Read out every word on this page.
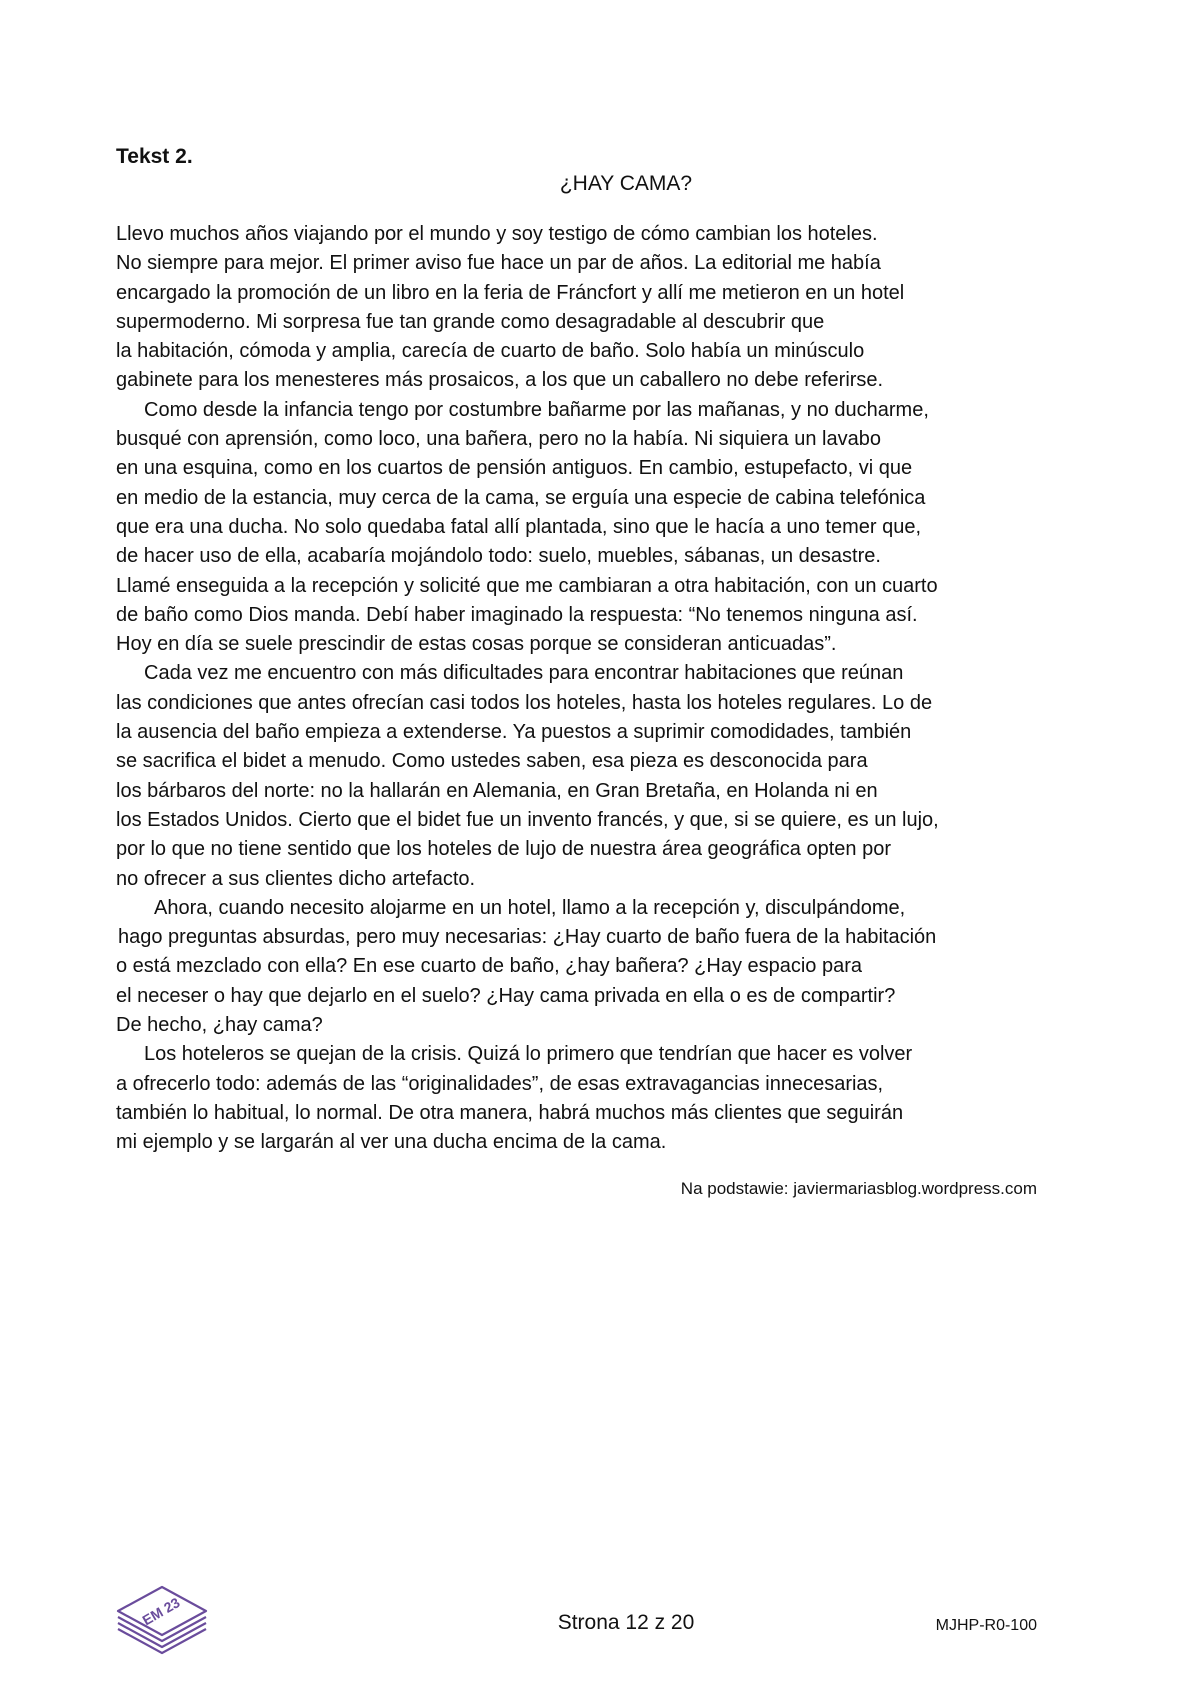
Tekst 2.
¿HAY CAMA?
Llevo muchos años viajando por el mundo y soy testigo de cómo cambian los hoteles.
No siempre para mejor. El primer aviso fue hace un par de años. La editorial me había
encargado la promoción de un libro en la feria de Fráncfort y allí me metieron en un hotel
supermoderno. Mi sorpresa fue tan grande como desagradable al descubrir que
la habitación, cómoda y amplia, carecía de cuarto de baño. Solo había un minúsculo
gabinete para los menesteres más prosaicos, a los que un caballero no debe referirse.
Como desde la infancia tengo por costumbre bañarme por las mañanas, y no ducharme,
busqué con aprensión, como loco, una bañera, pero no la había. Ni siquiera un lavabo
en una esquina, como en los cuartos de pensión antiguos. En cambio, estupefacto, vi que
en medio de la estancia, muy cerca de la cama, se erguía una especie de cabina telefónica
que era una ducha. No solo quedaba fatal allí plantada, sino que le hacía a uno temer que,
de hacer uso de ella, acabaría mojándolo todo: suelo, muebles, sábanas, un desastre.
Llamé enseguida a la recepción y solicité que me cambiaran a otra habitación, con un cuarto
de baño como Dios manda. Debí haber imaginado la respuesta: “No tenemos ninguna así.
Hoy en día se suele prescindir de estas cosas porque se consideran anticuadas”.
Cada vez me encuentro con más dificultades para encontrar habitaciones que reúnan
las condiciones que antes ofrecían casi todos los hoteles, hasta los hoteles regulares. Lo de
la ausencia del baño empieza a extenderse. Ya puestos a suprimir comodidades, también
se sacrifica el bidet a menudo. Como ustedes saben, esa pieza es desconocida para
los bárbaros del norte: no la hallarán en Alemania, en Gran Bretaña, en Holanda ni en
los Estados Unidos. Cierto que el bidet fue un invento francés, y que, si se quiere, es un lujo,
por lo que no tiene sentido que los hoteles de lujo de nuestra área geográfica opten por
no ofrecer a sus clientes dicho artefacto.
Ahora, cuando necesito alojarme en un hotel, llamo a la recepción y, disculpándome,
hago preguntas absurdas, pero muy necesarias: ¿Hay cuarto de baño fuera de la habitación
o está mezclado con ella? En ese cuarto de baño, ¿hay bañera? ¿Hay espacio para
el neceser o hay que dejarlo en el suelo? ¿Hay cama privada en ella o es de compartir?
De hecho, ¿hay cama?
Los hoteleros se quejan de la crisis. Quizá lo primero que tendrían que hacer es volver
a ofrecerlo todo: además de las “originalidades”, de esas extravagancias innecesarias,
también lo habitual, lo normal. De otra manera, habrá muchos más clientes que seguirán
mi ejemplo y se largarán al ver una ducha encima de la cama.
Na podstawie: javiermariasblog.wordpress.com
EM 23	Strona 12 z 20	MJHP-R0-100
